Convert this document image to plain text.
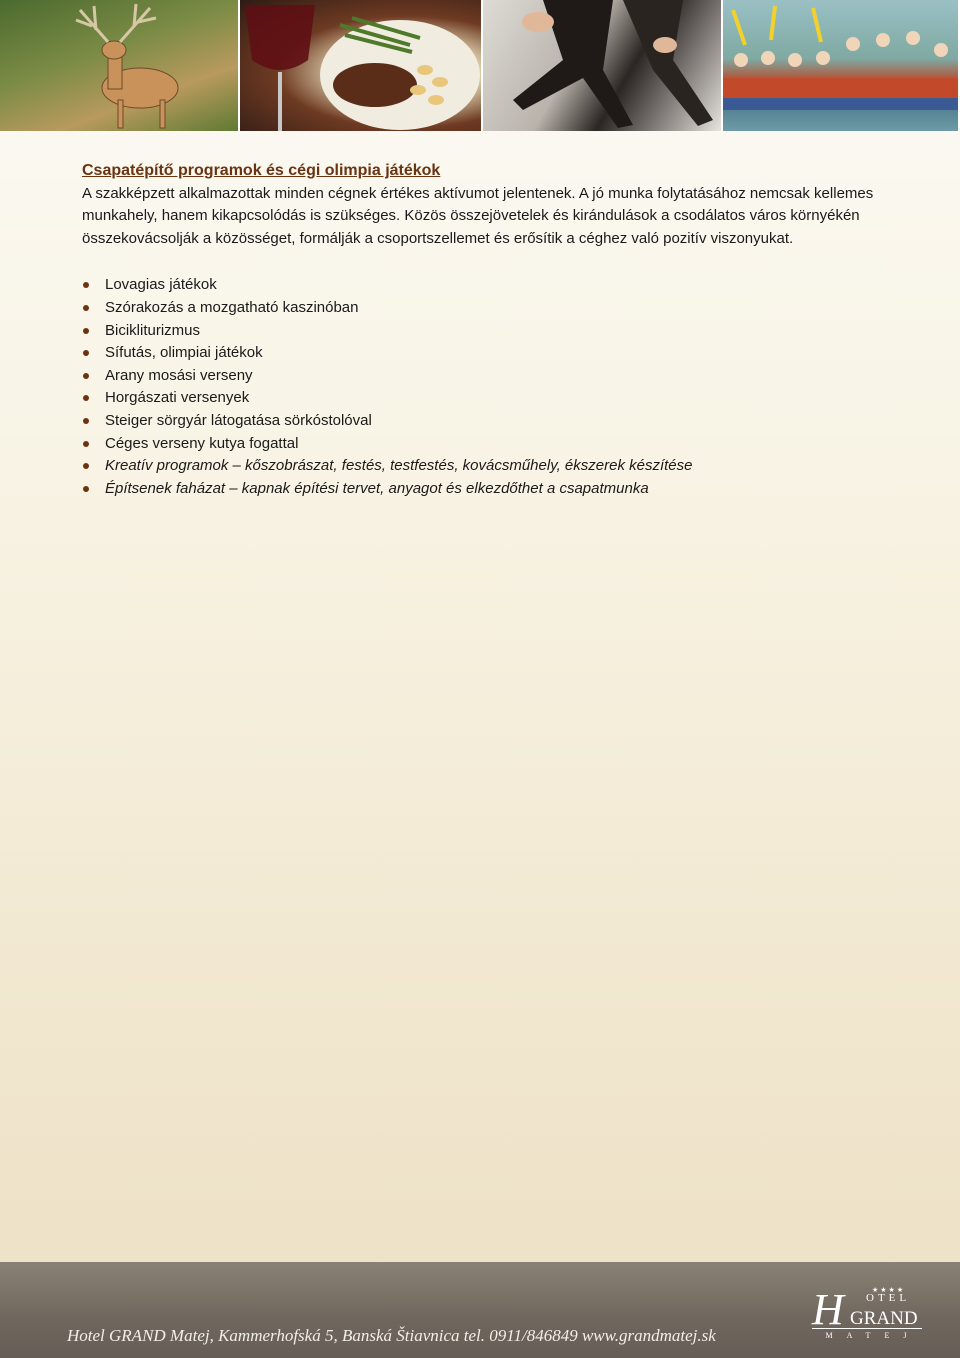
Csapatépítő programok és cégi olimpia játékok

A szakképzett alkalmazottak minden cégnek értékes aktívumot jelentenek. A jó munka folytatásához nemcsak kellemes munkahely, hanem kikapcsolódás is szükséges. Közös összejövetelek és kirándulások a csodálatos város környékén összekovácsolják a közösséget, formálják a csoportszellemet és erősítik a céghez való pozitív viszonyukat.

Lovagias játékok
Szórakozás a mozgatható kaszinóban
Bicikliturizmus
Sífutás, olimpiai játékok
Arany mosási verseny
Horgászati versenyek
Steiger sörgyár látogatása sörkóstolóval
Céges verseny kutya fogattal
Kreatív programok – kőszobrászat, festés, testfestés, kovácsműhely, ékszerek készítése
Építsenek faházat – kapnak építési tervet, anyagot és elkezdőthet a csapatmunka
Hotel GRAND Matej, Kammerhofská 5, Banská Štiavnica tel. 0911/846849 www.grandmatej.sk
H	★★★★
OTEL
GRAND
MATEJ
